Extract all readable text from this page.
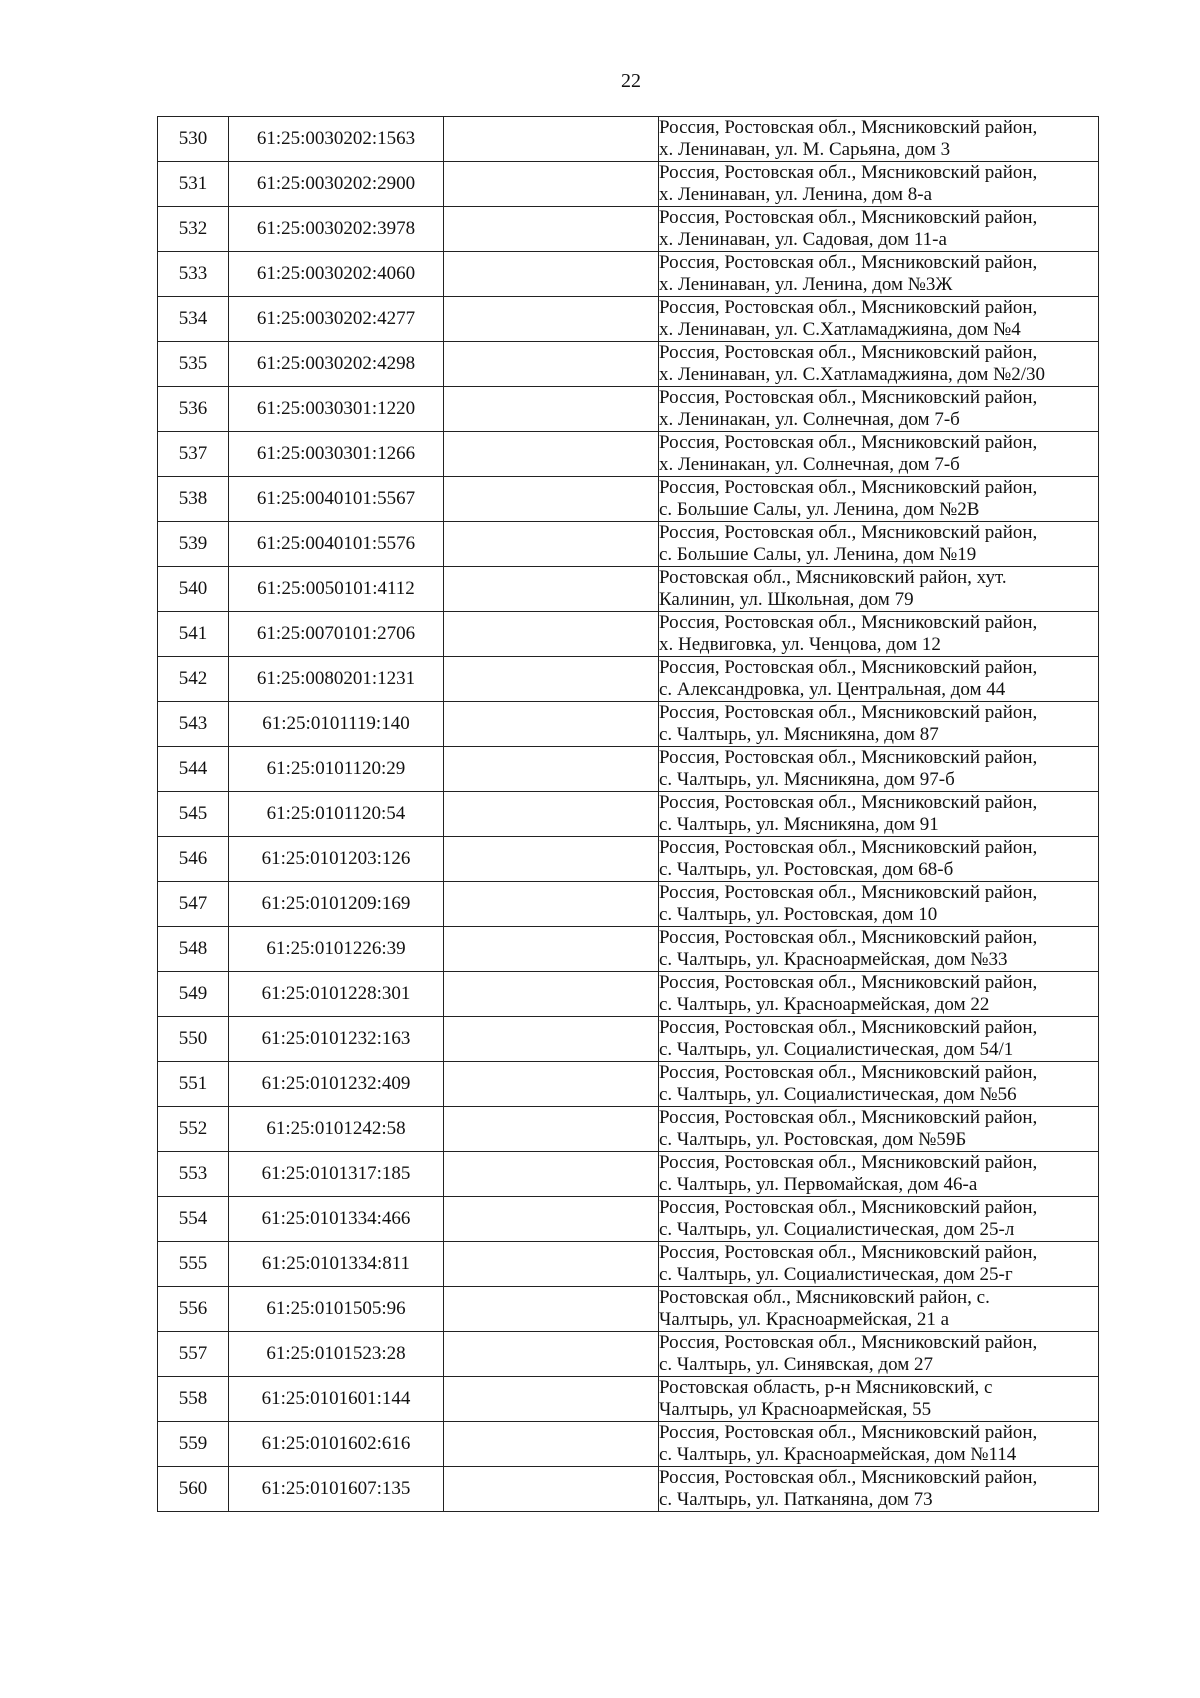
22
530	61:25:0030202:1563		Россия, Ростовская обл., Мясниковский район,
х. Ленинаван, ул. М. Сарьяна, дом 3

531	61:25:0030202:2900		Россия, Ростовская обл., Мясниковский район,
х. Ленинаван, ул. Ленина, дом 8-а

532	61:25:0030202:3978		Россия, Ростовская обл., Мясниковский район,
х. Ленинаван, ул. Садовая, дом 11-а

533	61:25:0030202:4060		Россия, Ростовская обл., Мясниковский район,
х. Ленинаван, ул. Ленина, дом №3Ж

534	61:25:0030202:4277		Россия, Ростовская обл., Мясниковский район,
х. Ленинаван, ул. С.Хатламаджияна, дом №4

535	61:25:0030202:4298		Россия, Ростовская обл., Мясниковский район,
х. Ленинаван, ул. С.Хатламаджияна, дом №2/30

536	61:25:0030301:1220		Россия, Ростовская обл., Мясниковский район,
х. Ленинакан, ул. Солнечная, дом 7-б

537	61:25:0030301:1266		Россия, Ростовская обл., Мясниковский район,
х. Ленинакан, ул. Солнечная, дом 7-б

538	61:25:0040101:5567		Россия, Ростовская обл., Мясниковский район,
с. Большие Салы, ул. Ленина, дом №2В

539	61:25:0040101:5576		Россия, Ростовская обл., Мясниковский район,
с. Большие Салы, ул. Ленина, дом №19

540	61:25:0050101:4112		Ростовская обл., Мясниковский район, хут.
Калинин, ул. Школьная, дом 79

541	61:25:0070101:2706		Россия, Ростовская обл., Мясниковский район,
х. Недвиговка, ул. Ченцова, дом 12

542	61:25:0080201:1231		Россия, Ростовская обл., Мясниковский район,
с. Александровка, ул. Центральная, дом 44

543	61:25:0101119:140		Россия, Ростовская обл., Мясниковский район,
с. Чалтырь, ул. Мясникяна, дом 87

544	61:25:0101120:29		Россия, Ростовская обл., Мясниковский район,
с. Чалтырь, ул. Мясникяна, дом 97-б

545	61:25:0101120:54		Россия, Ростовская обл., Мясниковский район,
с. Чалтырь, ул. Мясникяна, дом 91

546	61:25:0101203:126		Россия, Ростовская обл., Мясниковский район,
с. Чалтырь, ул. Ростовская, дом 68-б

547	61:25:0101209:169		Россия, Ростовская обл., Мясниковский район,
с. Чалтырь, ул. Ростовская, дом 10

548	61:25:0101226:39		Россия, Ростовская обл., Мясниковский район,
с. Чалтырь, ул. Красноармейская, дом №33

549	61:25:0101228:301		Россия, Ростовская обл., Мясниковский район,
с. Чалтырь, ул. Красноармейская, дом 22

550	61:25:0101232:163		Россия, Ростовская обл., Мясниковский район,
с. Чалтырь, ул. Социалистическая, дом 54/1

551	61:25:0101232:409		Россия, Ростовская обл., Мясниковский район,
с. Чалтырь, ул. Социалистическая, дом №56

552	61:25:0101242:58		Россия, Ростовская обл., Мясниковский район,
с. Чалтырь, ул. Ростовская, дом №59Б

553	61:25:0101317:185		Россия, Ростовская обл., Мясниковский район,
с. Чалтырь, ул. Первомайская, дом 46-а

554	61:25:0101334:466		Россия, Ростовская обл., Мясниковский район,
с. Чалтырь, ул. Социалистическая, дом 25-л

555	61:25:0101334:811		Россия, Ростовская обл., Мясниковский район,
с. Чалтырь, ул. Социалистическая, дом 25-г

556	61:25:0101505:96		Ростовская обл., Мясниковский район, с.
Чалтырь, ул. Красноармейская, 21 а

557	61:25:0101523:28		Россия, Ростовская обл., Мясниковский район,
с. Чалтырь, ул. Синявская, дом 27

558	61:25:0101601:144		Ростовская область, р-н Мясниковский, с
Чалтырь, ул Красноармейская, 55

559	61:25:0101602:616		Россия, Ростовская обл., Мясниковский район,
с. Чалтырь, ул. Красноармейская, дом №114

560	61:25:0101607:135		Россия, Ростовская обл., Мясниковский район,
с. Чалтырь, ул. Патканяна, дом 73
